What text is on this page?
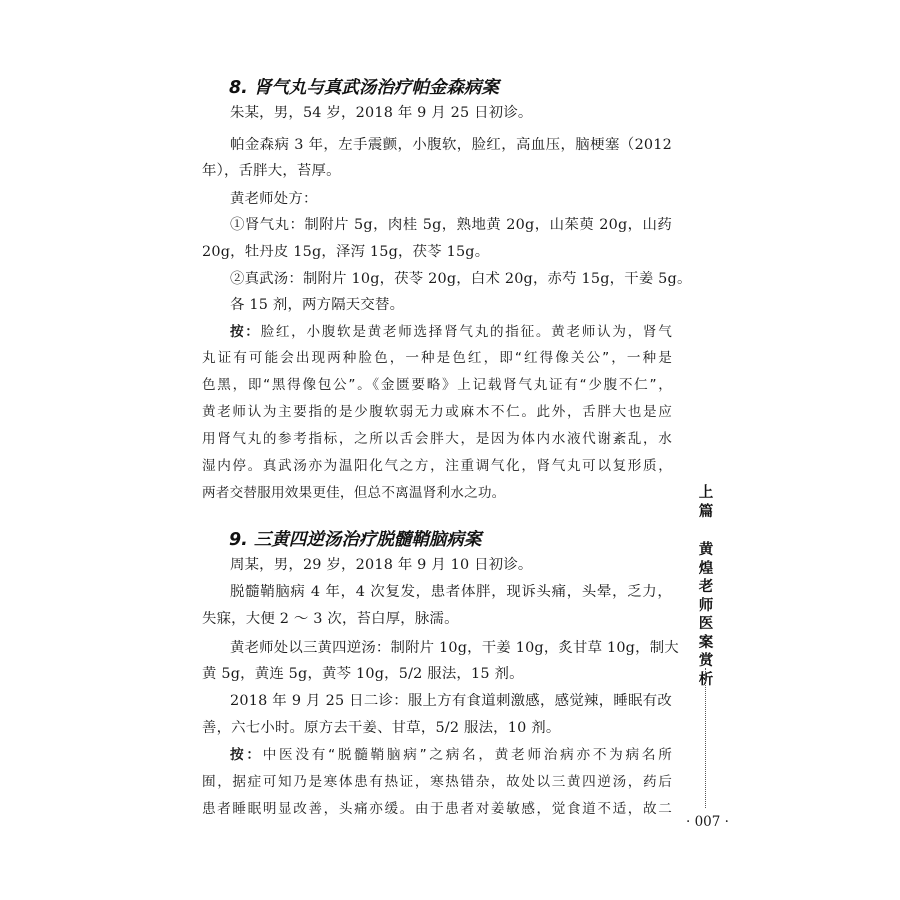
8. 肾气丸与真武汤治疗帕金森病案
朱某，男，54 岁，2018 年 9 月 25 日初诊。
帕金森病 3 年，左手震颤，小腹软，脸红，高血压，脑梗塞（2012
年），舌胖大，苔厚。
黄老师处方：
①肾气丸：制附片 5g，肉桂 5g，熟地黄 20g，山茱萸 20g，山药
20g，牡丹皮 15g，泽泻 15g，茯苓 15g。
②真武汤：制附片 10g，茯苓 20g，白术 20g，赤芍 15g，干姜 5g。
各 15 剂，两方隔天交替。
按：脸红，小腹软是黄老师选择肾气丸的指征。黄老师认为，肾气
丸证有可能会出现两种脸色，一种是色红，即“红得像关公”，一种是
色黑，即“黑得像包公”。《金匮要略》上记载肾气丸证有“少腹不仁”，
黄老师认为主要指的是少腹软弱无力或麻木不仁。此外，舌胖大也是应
用肾气丸的参考指标，之所以舌会胖大，是因为体内水液代谢紊乱，水
湿内停。真武汤亦为温阳化气之方，注重调气化，肾气丸可以复形质，
两者交替服用效果更佳，但总不离温肾利水之功。
9. 三黄四逆汤治疗脱髓鞘脑病案
周某，男，29 岁，2018 年 9 月 10 日初诊。
脱髓鞘脑病 4 年，4 次复发，患者体胖，现诉头痛，头晕，乏力，
失寐，大便 2 ～ 3 次，苔白厚，脉濡。
黄老师处以三黄四逆汤：制附片 10g，干姜 10g，炙甘草 10g，制大
黄 5g，黄连 5g，黄芩 10g，5/2 服法，15 剂。
2018 年 9 月 25 日二诊：服上方有食道刺激感，感觉辣，睡眠有改
善，六七小时。原方去干姜、甘草，5/2 服法，10 剂。
按：中医没有“脱髓鞘脑病”之病名，黄老师治病亦不为病名所
囿，据症可知乃是寒体患有热证，寒热错杂，故处以三黄四逆汤，药后
患者睡眠明显改善，头痛亦缓。由于患者对姜敏感，觉食道不适，故二
上
篇
黄
煌
老
师
医
案
赏
析
· 007 ·
